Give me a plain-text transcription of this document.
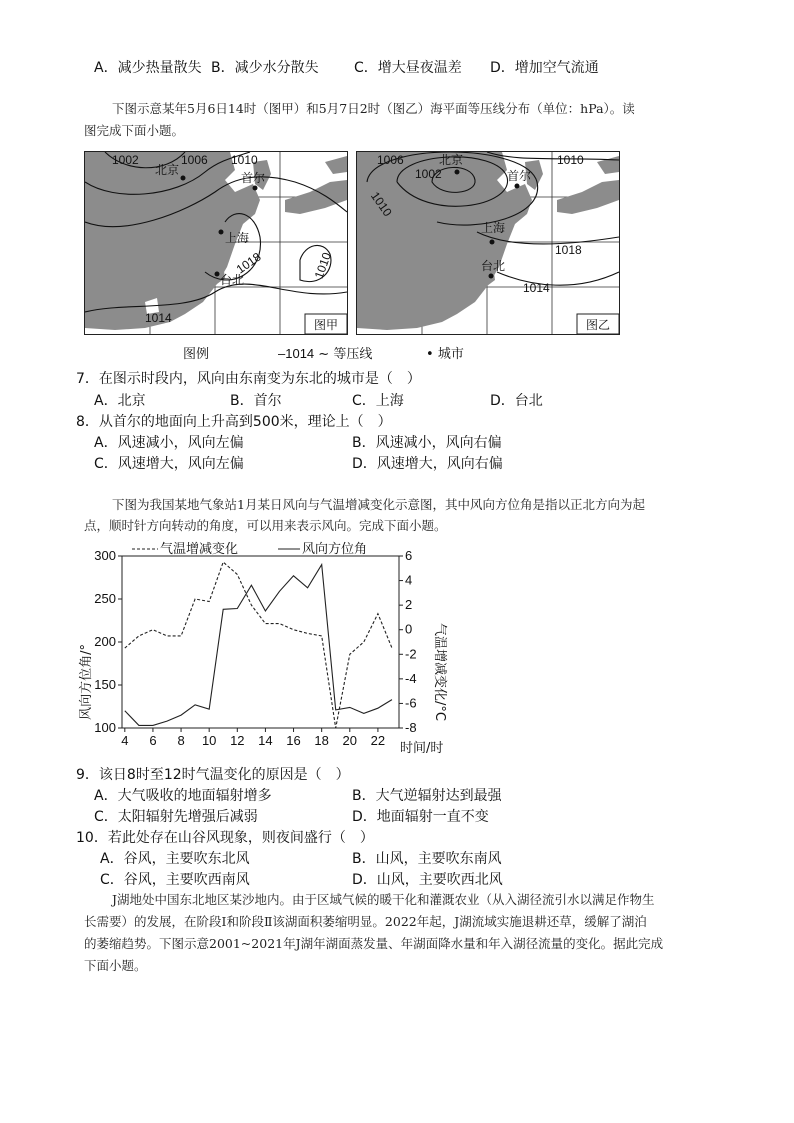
A．减少热量散失 B．减少水分散失	C．增大昼夜温差 D．增加空气流通
下图示意某年5月6日14时（图甲）和5月7日2时（图乙）海平面等压线分布（单位：hPa）。读
图完成下面小题。
1002	1006 1010
1018	1010
1014
北京
首尔
上海
台北
图甲
1006
1002
1010
1010
1018
1014
北京
首尔
上海
台北
图乙
图例	–1014 ~ 等压线	• 城市
7．在图示时段内，风向由东南变为东北的城市是（　）
A．北京	B．首尔	C．上海	D．台北
8．从首尔的地面向上升高到500米，理论上（　）
A．风速减小，风向左偏	B．风速减小，风向右偏
C．风速增大，风向左偏	D．风速增大，风向右偏
下图为我国某地气象站1月某日风向与气温增减变化示意图，其中风向方位角是指以正北方向为起
点，顺时针方向转动的角度，可以用来表示风向。完成下面小题。
100
150
200
250
300
-8
-6
-4
-2
0
2
4
6
4 6 8 10 12 14 16 18 20 22
风向方位角/°	气温增减变化/°C
时间/时
气温增减变化	风向方位角
9．该日8时至12时气温变化的原因是（　）
A．大气吸收的地面辐射增多	B．大气逆辐射达到最强
C．太阳辐射先增强后减弱	D．地面辐射一直不变
10．若此处存在山谷风现象，则夜间盛行（　）
A．谷风，主要吹东北风	B．山风，主要吹东南风
C．谷风，主要吹西南风	D．山风，主要吹西北风
J湖地处中国东北地区某沙地内。由于区域气候的暖干化和灌溉农业（从入湖径流引水以满足作物生
长需要）的发展，在阶段Ⅰ和阶段Ⅱ该湖面积萎缩明显。2022年起，J湖流域实施退耕还草，缓解了湖泊
的萎缩趋势。下图示意2001~2021年J湖年湖面蒸发量、年湖面降水量和年入湖径流量的变化。据此完成
下面小题。
